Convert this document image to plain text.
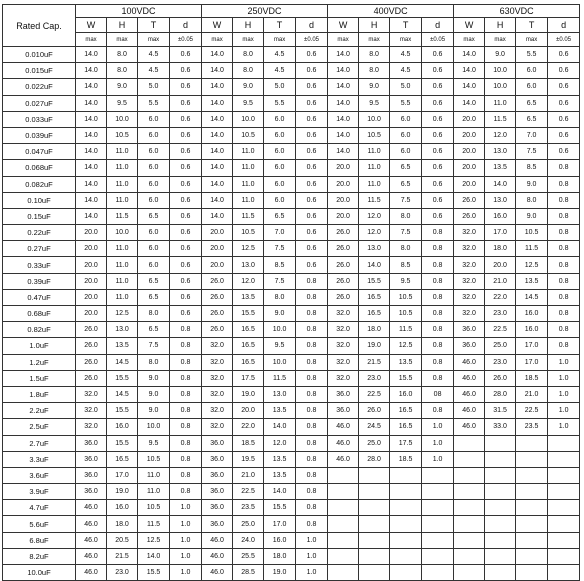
Rated Cap.	100VDC				250VDC				400VDC				630VDC			
	W	H	T	d	W	H	T	d	W	H	T	d	W	H	T	d
	max	max	max	±0.05	max	max	max	±0.05	max	max	max	±0.05	max	max	max	±0.05
0.010uF	14.0	8.0	4.5	0.6	14.0	8.0	4.5	0.6	14.0	8.0	4.5	0.6	14.0	9.0	5.5	0.6
0.015uF	14.0	8.0	4.5	0.6	14.0	8.0	4.5	0.6	14.0	8.0	4.5	0.6	14.0	10.0	6.0	0.6
0.022uF	14.0	9.0	5.0	0.6	14.0	9.0	5.0	0.6	14.0	9.0	5.0	0.6	14.0	10.0	6.0	0.6
0.027uF	14.0	9.5	5.5	0.6	14.0	9.5	5.5	0.6	14.0	9.5	5.5	0.6	14.0	11.0	6.5	0.6
0.033uF	14.0	10.0	6.0	0.6	14.0	10.0	6.0	0.6	14.0	10.0	6.0	0.6	20.0	11.5	6.5	0.6
0.039uF	14.0	10.5	6.0	0.6	14.0	10.5	6.0	0.6	14.0	10.5	6.0	0.6	20.0	12.0	7.0	0.6
0.047uF	14.0	11.0	6.0	0.6	14.0	11.0	6.0	0.6	14.0	11.0	6.0	0.6	20.0	13.0	7.5	0.6
0.068uF	14.0	11.0	6.0	0.6	14.0	11.0	6.0	0.6	20.0	11.0	6.5	0.6	20.0	13.5	8.5	0.8
0.082uF	14.0	11.0	6.0	0.6	14.0	11.0	6.0	0.6	20.0	11.0	6.5	0.6	20.0	14.0	9.0	0.8
0.10uF	14.0	11.0	6.0	0.6	14.0	11.0	6.0	0.6	20.0	11.5	7.5	0.6	26.0	13.0	8.0	0.8
0.15uF	14.0	11.5	6.5	0.6	14.0	11.5	6.5	0.6	20.0	12.0	8.0	0.6	26.0	16.0	9.0	0.8
0.22uF	20.0	10.0	6.0	0.6	20.0	10.5	7.0	0.6	26.0	12.0	7.5	0.8	32.0	17.0	10.5	0.8
0.27uF	20.0	11.0	6.0	0.6	20.0	12.5	7.5	0.6	26.0	13.0	8.0	0.8	32.0	18.0	11.5	0.8
0.33uF	20.0	11.0	6.0	0.6	20.0	13.0	8.5	0.6	26.0	14.0	8.5	0.8	32.0	20.0	12.5	0.8
0.39uF	20.0	11.0	6.5	0.6	26.0	12.0	7.5	0.8	26.0	15.5	9.5	0.8	32.0	21.0	13.5	0.8
0.47uF	20.0	11.0	6.5	0.6	26.0	13.5	8.0	0.8	26.0	16.5	10.5	0.8	32.0	22.0	14.5	0.8
0.68uF	20.0	12.5	8.0	0.6	26.0	15.5	9.0	0.8	32.0	16.5	10.5	0.8	32.0	23.0	16.0	0.8
0.82uF	26.0	13.0	6.5	0.8	26.0	16.5	10.0	0.8	32.0	18.0	11.5	0.8	36.0	22.5	16.0	0.8
1.0uF	26.0	13.5	7.5	0.8	32.0	16.5	9.5	0.8	32.0	19.0	12.5	0.8	36.0	25.0	17.0	0.8
1.2uF	26.0	14.5	8.0	0.8	32.0	16.5	10.0	0.8	32.0	21.5	13.5	0.8	46.0	23.0	17.0	1.0
1.5uF	26.0	15.5	9.0	0.8	32.0	17.5	11.5	0.8	32.0	23.0	15.5	0.8	46.0	26.0	18.5	1.0
1.8uF	32.0	14.5	9.0	0.8	32.0	19.0	13.0	0.8	36.0	22.5	16.0	08	46.0	28.0	21.0	1.0
2.2uF	32.0	15.5	9.0	0.8	32.0	20.0	13.5	0.8	36.0	26.0	16.5	0.8	46.0	31.5	22.5	1.0
2.5uF	32.0	16.0	10.0	0.8	32.0	22.0	14.0	0.8	46.0	24.5	16.5	1.0	46.0	33.0	23.5	1.0
2.7uF	36.0	15.5	9.5	0.8	36.0	18.5	12.0	0.8	46.0	25.0	17.5	1.0				
3.3uF	36.0	16.5	10.5	0.8	36.0	19.5	13.5	0.8	46.0	28.0	18.5	1.0				
3.6uF	36.0	17.0	11.0	0.8	36.0	21.0	13.5	0.8								
3.9uF	36.0	19.0	11.0	0.8	36.0	22.5	14.0	0.8								
4.7uF	46.0	16.0	10.5	1.0	36.0	23.5	15.5	0.8								
5.6uF	46.0	18.0	11.5	1.0	36.0	25.0	17.0	0.8								
6.8uF	46.0	20.5	12.5	1.0	46.0	24.0	16.0	1.0								
8.2uF	46.0	21.5	14.0	1.0	46.0	25.5	18.0	1.0								
10.0uF	46.0	23.0	15.5	1.0	46.0	28.5	19.0	1.0								
